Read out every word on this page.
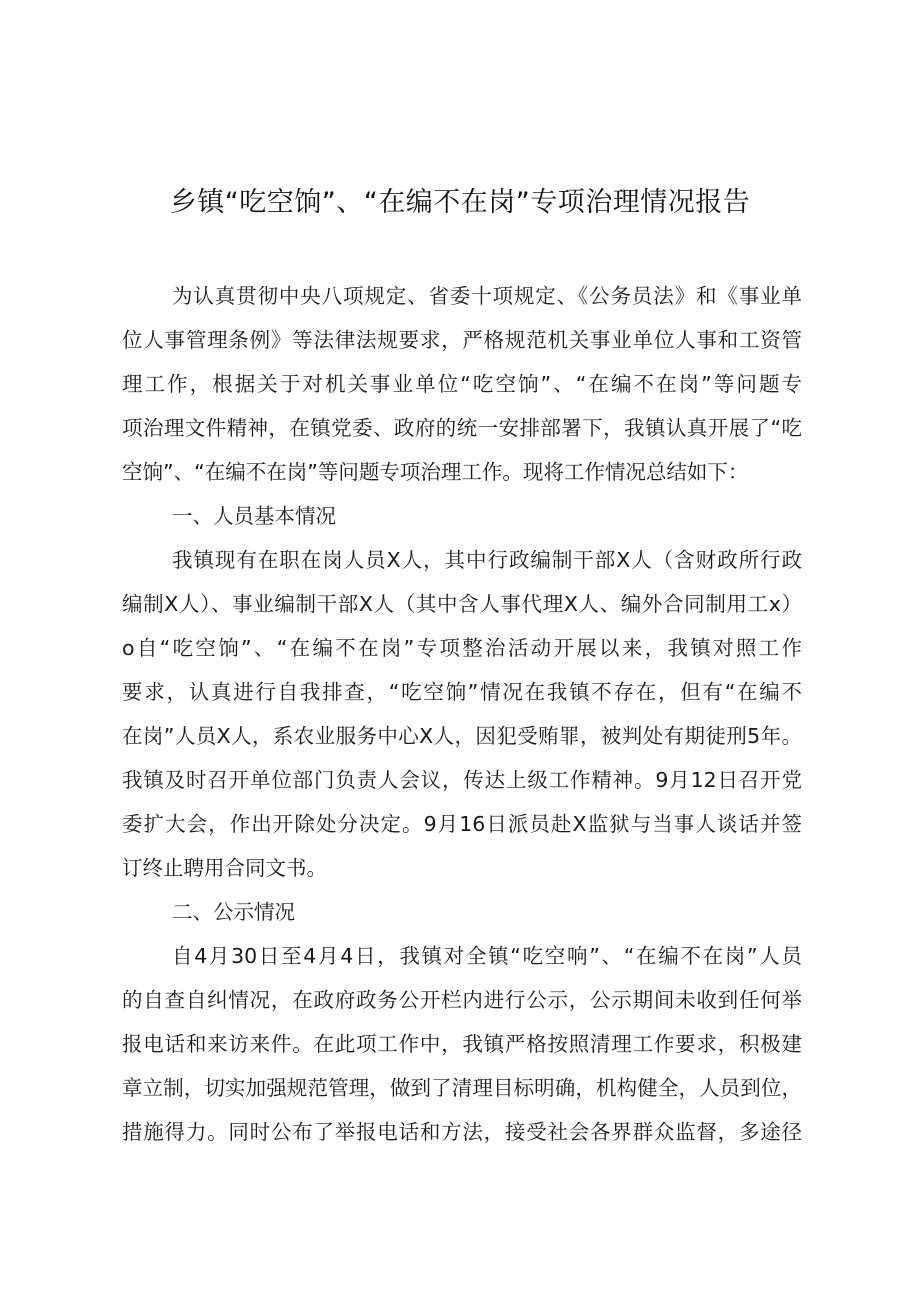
乡镇“吃空饷”、“在编不在岗”专项治理情况报告
为认真贯彻中央八项规定、省委十项规定、《公务员法》和《事业单
位人事管理条例》等法律法规要求，严格规范机关事业单位人事和工资管
理工作，根据关于对机关事业单位“吃空饷”、“在编不在岗”等问题专
项治理文件精神，在镇党委、政府的统一安排部署下，我镇认真开展了“吃
空饷”、“在编不在岗”等问题专项治理工作。现将工作情况总结如下：
一、人员基本情况
我镇现有在职在岗人员X人，其中行政编制干部X人（含财政所行政
编制X人）、事业编制干部X人（其中含人事代理X人、编外合同制用工x）
o自“吃空饷”、“在编不在岗”专项整治活动开展以来，我镇对照工作
要求，认真进行自我排查，“吃空饷”情况在我镇不存在，但有“在编不
在岗”人员X人，系农业服务中心X人，因犯受贿罪，被判处有期徒刑5年。
我镇及时召开单位部门负责人会议，传达上级工作精神。9月12日召开党
委扩大会，作出开除处分决定。9月16日派员赴X监狱与当事人谈话并签
订终止聘用合同文书。
二、公示情况
自4月30日至4月4日，我镇对全镇“吃空响”、“在编不在岗”人员
的自查自纠情况，在政府政务公开栏内进行公示，公示期间未收到任何举
报电话和来访来件。在此项工作中，我镇严格按照清理工作要求，积极建
章立制，切实加强规范管理，做到了清理目标明确，机构健全，人员到位，
措施得力。同时公布了举报电话和方法，接受社会各界群众监督，多途径
